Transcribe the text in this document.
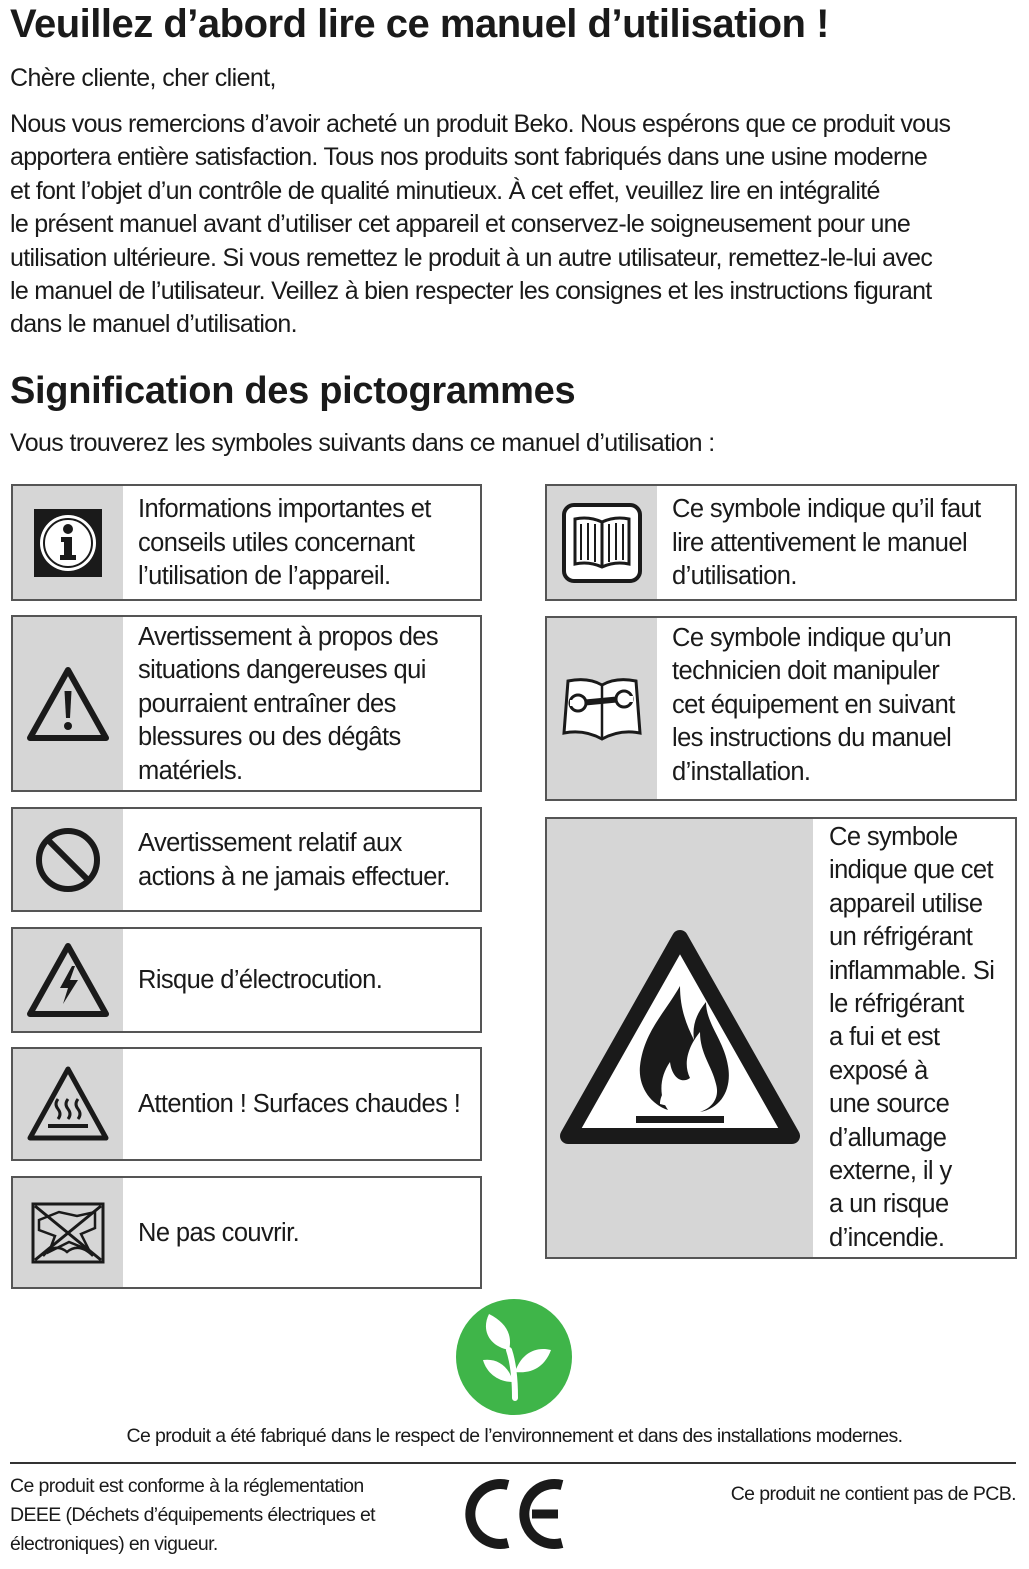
Veuillez d’abord lire ce manuel d’utilisation !

Chère cliente, cher client,

Nous vous remercions d’avoir acheté un produit Beko. Nous espérons que ce produit vous
apportera entière satisfaction. Tous nos produits sont fabriqués dans une usine moderne
et font l’objet d’un contrôle de qualité minutieux. À cet effet, veuillez lire en intégralité
le présent manuel avant d’utiliser cet appareil et conservez-le soigneusement pour une
utilisation ultérieure. Si vous remettez le produit à un autre utilisateur, remettez-le-lui avec
le manuel de l’utilisateur. Veillez à bien respecter les consignes et les instructions figurant
dans le manuel d’utilisation.

Signification des pictogrammes

Vous trouverez les symboles suivants dans ce manuel d’utilisation :

Informations importantes et
conseils utiles concernant
l’utilisation de l’appareil.
Avertissement à propos des
situations dangereuses qui
pourraient entraîner des
blessures ou des dégâts
matériels.
Avertissement relatif aux
actions à ne jamais effectuer.
Risque d’électrocution.
Attention ! Surfaces chaudes !
Ne pas couvrir.
Ce symbole indique qu’il faut
lire attentivement le manuel
d’utilisation.
Ce symbole indique qu’un
technicien doit manipuler
cet équipement en suivant
les instructions du manuel
d’installation.
Ce symbole
indique que cet
appareil utilise
un réfrigérant
inflammable. Si
le réfrigérant
a fui et est
exposé à
une source
d’allumage
externe, il y
a un risque
d’incendie.

Ce produit a été fabriqué dans le respect de l’environnement et dans des installations modernes.

Ce produit est conforme à la réglementation
DEEE (Déchets d’équipements électriques et
électroniques) en vigueur.

Ce produit ne contient pas de PCB.
